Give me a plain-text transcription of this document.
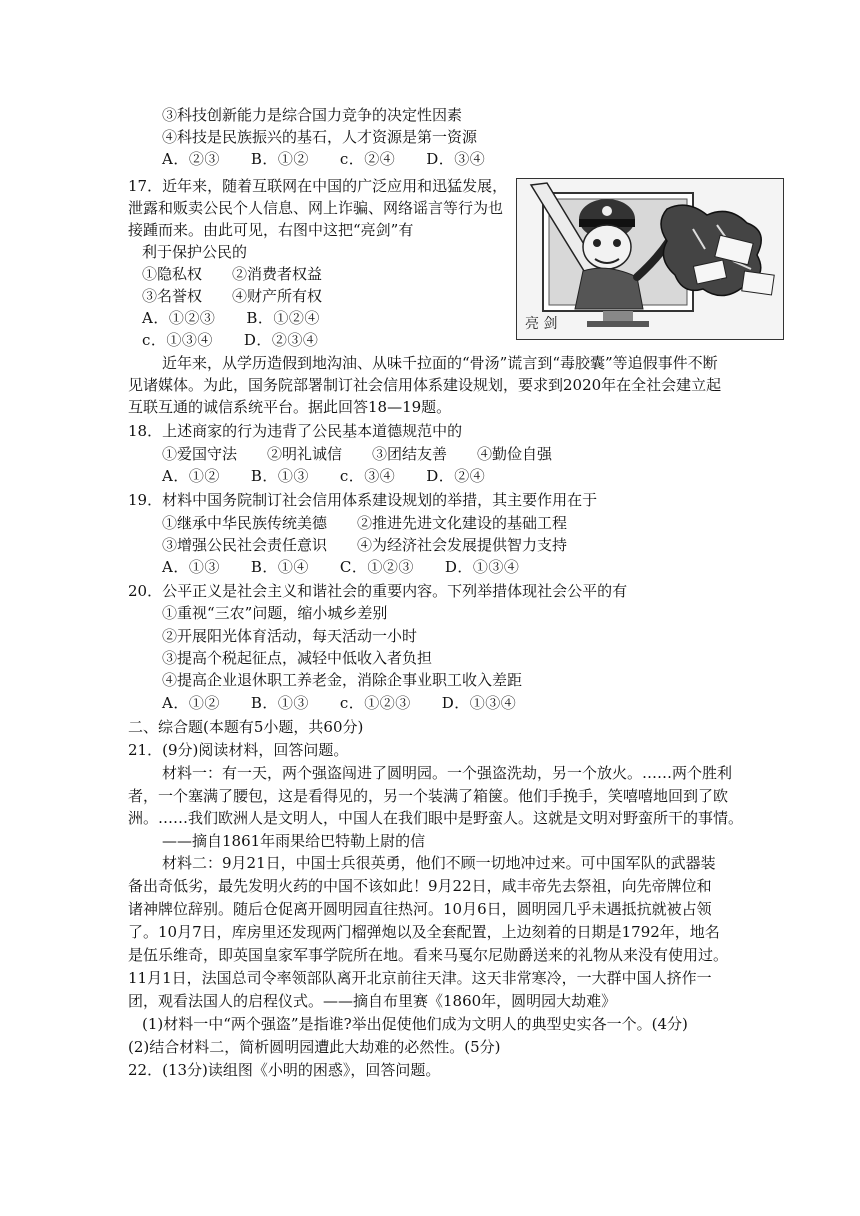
③科技创新能力是综合国力竞争的决定性因素
④科技是民族振兴的基石，人才资源是第一资源
A．②③　　B．①②　　c．②④　　D．③④
17．近年来，随着互联网在中国的广泛应用和迅猛发展，
泄露和贩卖公民个人信息、网上诈骗、网络谣言等行为也
接踵而来。由此可见，右图中这把“亮剑”有
利于保护公民的
①隐私权　　②消费者权益
③名誉权　　④财产所有权
A．①②③　　B．①②④
c．①③④　　D．②③④
亮 剑
近年来，从学历造假到地沟油、从味千拉面的“骨汤”谎言到“毒胶囊”等追假事件不断
见诸媒体。为此，国务院部署制订社会信用体系建设规划，要求到2020年在全社会建立起
互联互通的诚信系统平台。据此回答18—19题。
18．上述商家的行为违背了公民基本道德规范中的
①爱国守法　　②明礼诚信　　③团结友善　　④勤俭自强
A．①②　　B．①③　　c．③④　　D．②④
19．材料中国务院制订社会信用体系建设规划的举措，其主要作用在于
①继承中华民族传统美德　　②推进先进文化建设的基础工程
③增强公民社会责任意识　　④为经济社会发展提供智力支持
A．①③　　B．①④　　C．①②③　　D．①③④
20．公平正义是社会主义和谐社会的重要内容。下列举措体现社会公平的有
①重视“三农”问题，缩小城乡差别
②开展阳光体育活动，每天活动一小时
③提高个税起征点，减轻中低收入者负担
④提高企业退休职工养老金，消除企事业职工收入差距
A．①②　　B．①③　　c．①②③　　D．①③④
二、综合题(本题有5小题，共60分)
21．(9分)阅读材料，回答问题。
材料一：有一天，两个强盗闯进了圆明园。一个强盗洗劫，另一个放火。……两个胜利
者，一个塞满了腰包，这是看得见的，另一个装满了箱箧。他们手挽手，笑嘻嘻地回到了欧
洲。……我们欧洲人是文明人，中国人在我们眼中是野蛮人。这就是文明对野蛮所干的事情。
——摘自1861年雨果给巴特勒上尉的信
材料二：9月21日，中国士兵很英勇，他们不顾一切地冲过来。可中国军队的武器装
备出奇低劣，最先发明火药的中国不该如此！9月22日，咸丰帝先去祭祖，向先帝牌位和
诸神牌位辞别。随后仓促离开圆明园直往热河。10月6日，圆明园几乎未遇抵抗就被占领
了。10月7日，库房里还发现两门榴弹炮以及全套配置，上边刻着的日期是1792年，地名
是伍乐维奇，即英国皇家军事学院所在地。看来马戛尔尼勋爵送来的礼物从来没有使用过。
11月1日，法国总司令率领部队离开北京前往天津。这天非常寒冷，一大群中国人挤作一
团，观看法国人的启程仪式。——摘自布里赛《1860年，圆明园大劫难》
(1)材料一中“两个强盗”是指谁?举出促使他们成为文明人的典型史实各一个。(4分)
(2)结合材料二，简析圆明园遭此大劫难的必然性。(5分)
22．(13分)读组图《小明的困惑》，回答问题。
